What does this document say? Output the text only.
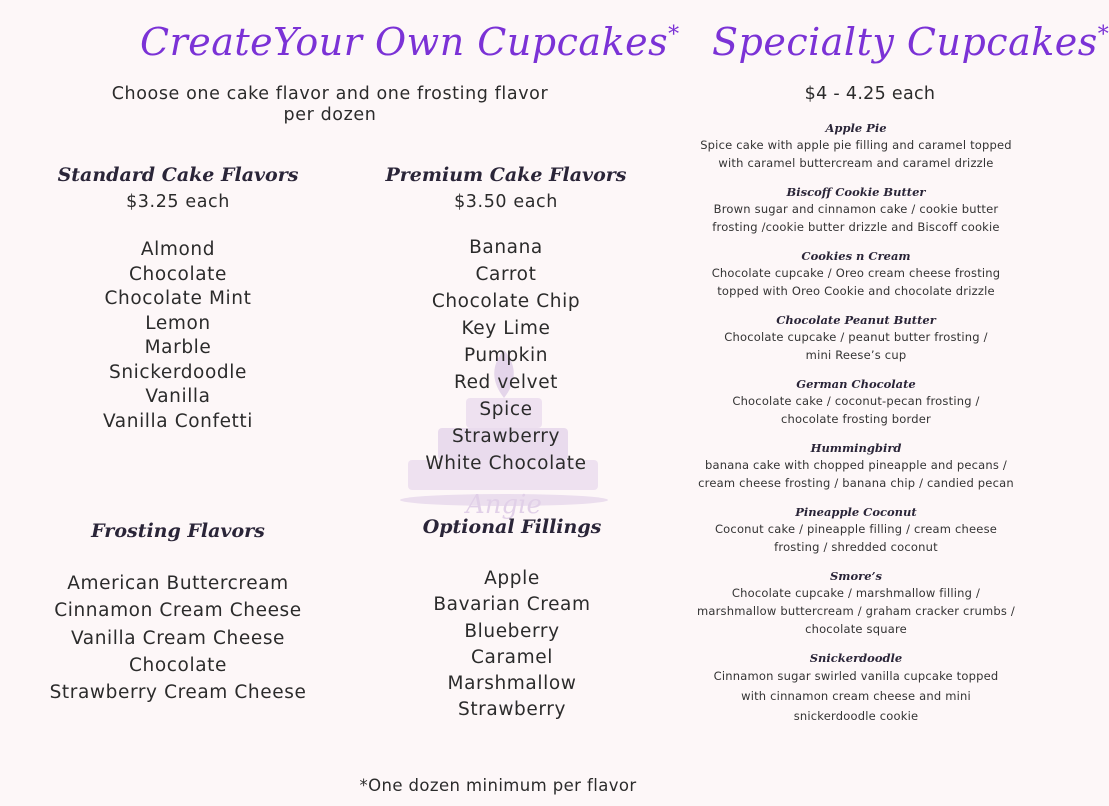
Angie
CreateYour Own Cupcakes*
Choose one cake flavor and one frosting flavor
per dozen
Standard Cake Flavors
$3.25 each
Almond
Chocolate
Chocolate Mint
Lemon
Marble
Snickerdoodle
Vanilla
Vanilla Confetti
Premium Cake Flavors
$3.50 each
Banana
Carrot
Chocolate Chip
Key Lime
Pumpkin
Red velvet
Spice
Strawberry
White Chocolate
Frosting Flavors
American Buttercream
Cinnamon Cream Cheese
Vanilla Cream Cheese
Chocolate
Strawberry Cream Cheese
Optional Fillings
Apple
Bavarian Cream
Blueberry
Caramel
Marshmallow
Strawberry
*One dozen minimum per flavor
Specialty Cupcakes*
$4 - 4.25 each
Apple Pie
Spice cake with apple pie filling and caramel topped
with caramel buttercream and caramel drizzle
Biscoff Cookie Butter
Brown sugar and cinnamon cake / cookie butter
frosting /cookie butter drizzle and Biscoff cookie
Cookies n Cream
Chocolate cupcake / Oreo cream cheese frosting
topped with Oreo Cookie and chocolate drizzle
Chocolate Peanut Butter
Chocolate cupcake / peanut butter frosting /
mini Reese’s cup
German Chocolate
Chocolate cake / coconut-pecan frosting /
chocolate frosting border
Hummingbird
banana cake with chopped pineapple and pecans /
cream cheese frosting / banana chip / candied pecan
Pineapple Coconut
Coconut cake / pineapple filling / cream cheese
frosting / shredded coconut
Smore’s
Chocolate cupcake / marshmallow filling /
marshmallow buttercream / graham cracker crumbs /
chocolate square
Snickerdoodle
Cinnamon sugar swirled vanilla cupcake topped
with cinnamon cream cheese and mini
snickerdoodle cookie
